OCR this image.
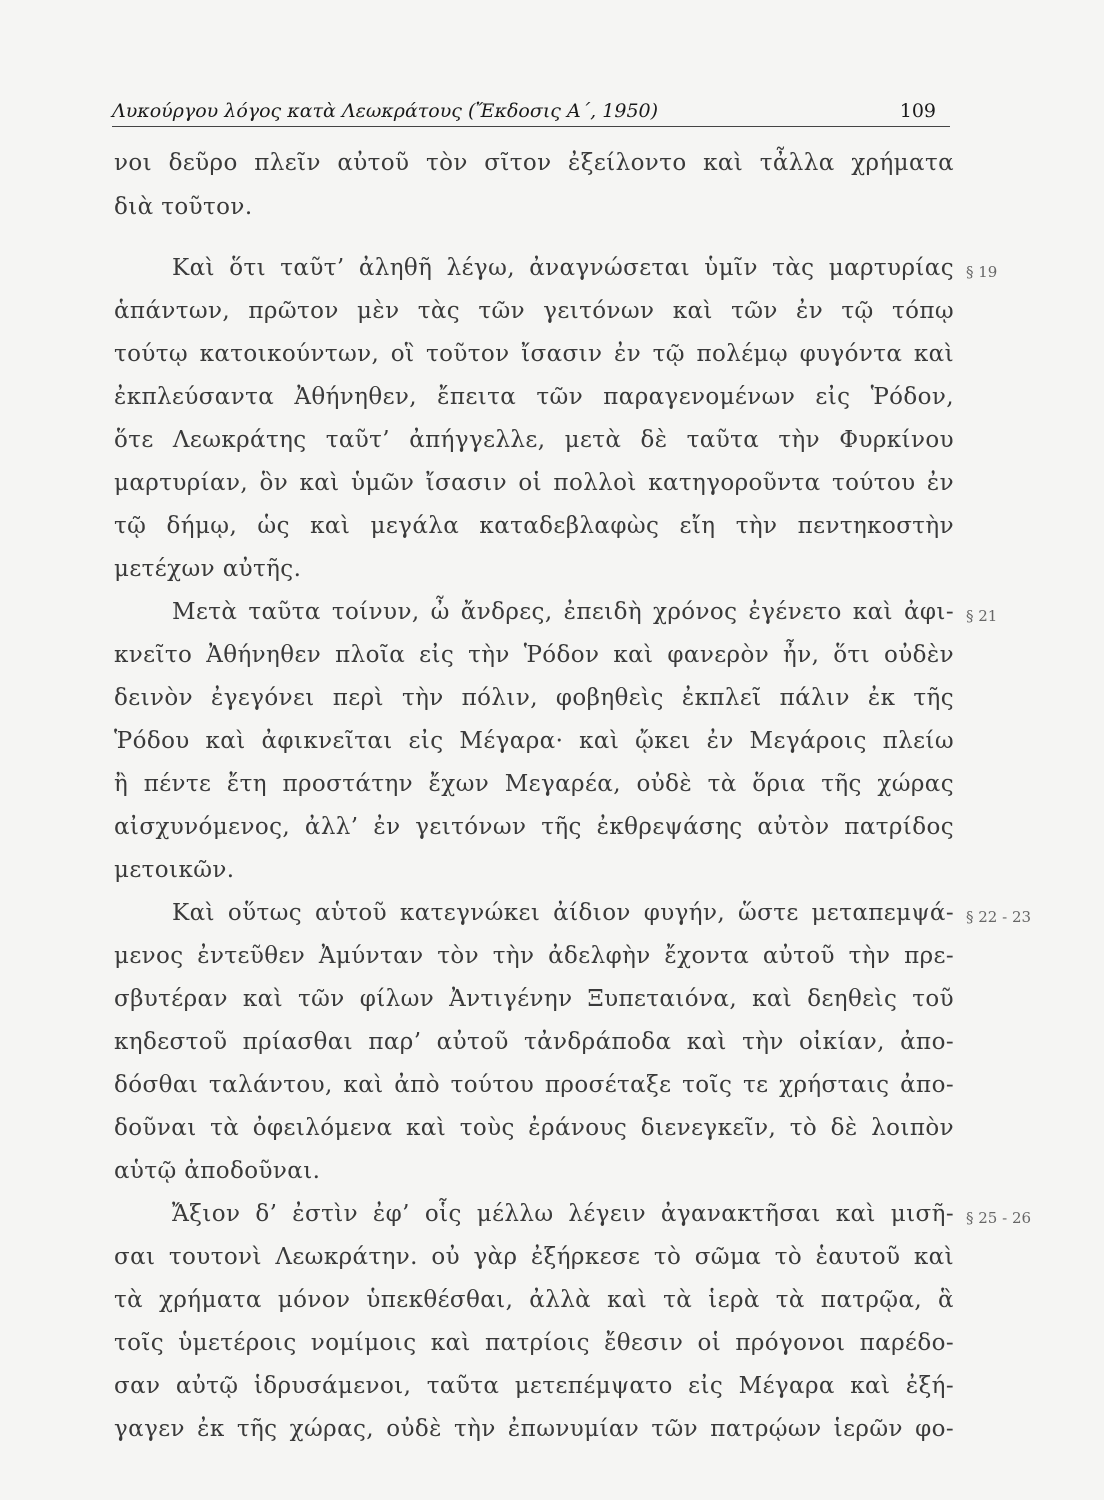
Λυκούργου λόγος κατὰ Λεωκράτους (Ἔκδοσις Α΄, 1950)	109
νοι δεῦρο πλεῖν αὐτοῦ τὸν σῖτον ἐξείλοντο καὶ τἆλλα χρήματα
διὰ τοῦτον.
Καὶ ὅτι ταῦτ’ ἀληθῆ λέγω, ἀναγνώσεται ὑμῖν τὰς μαρτυρίας
ἁπάντων, πρῶτον μὲν τὰς τῶν γειτόνων καὶ τῶν ἐν τῷ τόπῳ
τούτῳ κατοικούντων, οἳ τοῦτον ἴσασιν ἐν τῷ πολέμῳ φυγόντα καὶ
ἐκπλεύσαντα Ἀθήνηθεν, ἔπειτα τῶν παραγενομένων εἰς Ῥόδον,
ὅτε Λεωκράτης ταῦτ’ ἀπήγγελλε, μετὰ δὲ ταῦτα τὴν Φυρκίνου
μαρτυρίαν, ὃν καὶ ὑμῶν ἴσασιν οἱ πολλοὶ κατηγοροῦντα τούτου ἐν
τῷ δήμῳ, ὡς καὶ μεγάλα καταδεβλαφὼς εἴη τὴν πεντηκοστὴν
μετέχων αὐτῆς.
Μετὰ ταῦτα τοίνυν, ὦ ἄνδρες, ἐπειδὴ χρόνος ἐγένετο καὶ ἀφι-
κνεῖτο Ἀθήνηθεν πλοῖα εἰς τὴν Ῥόδον καὶ φανερὸν ἦν, ὅτι οὐδὲν
δεινὸν ἐγεγόνει περὶ τὴν πόλιν, φοβηθεὶς ἐκπλεῖ πάλιν ἐκ τῆς
Ῥόδου καὶ ἀφικνεῖται εἰς Μέγαρα· καὶ ᾤκει ἐν Μεγάροις πλείω
ἢ πέντε ἔτη προστάτην ἔχων Μεγαρέα, οὐδὲ τὰ ὅρια τῆς χώρας
αἰσχυνόμενος, ἀλλ’ ἐν γειτόνων τῆς ἐκθρεψάσης αὐτὸν πατρίδος
μετοικῶν.
Καὶ οὕτως αὑτοῦ κατεγνώκει ἀίδιον φυγήν, ὥστε μεταπεμψά-
μενος ἐντεῦθεν Ἀμύνταν τὸν τὴν ἀδελφὴν ἔχοντα αὐτοῦ τὴν πρε-
σβυτέραν καὶ τῶν φίλων Ἀντιγένην Ξυπεταιόνα, καὶ δεηθεὶς τοῦ
κηδεστοῦ πρίασθαι παρ’ αὐτοῦ τἀνδράποδα καὶ τὴν οἰκίαν, ἀπο-
δόσθαι ταλάντου, καὶ ἀπὸ τούτου προσέταξε τοῖς τε χρήσταις ἀπο-
δοῦναι τὰ ὀφειλόμενα καὶ τοὺς ἐράνους διενεγκεῖν, τὸ δὲ λοιπὸν
αὑτῷ ἀποδοῦναι.
Ἄξιον δ’ ἐστὶν ἐφ’ οἷς μέλλω λέγειν ἀγανακτῆσαι καὶ μισῆ-
σαι τουτονὶ Λεωκράτην. οὐ γὰρ ἐξήρκεσε τὸ σῶμα τὸ ἑαυτοῦ καὶ
τὰ χρήματα μόνον ὑπεκθέσθαι, ἀλλὰ καὶ τὰ ἱερὰ τὰ πατρῷα, ἃ
τοῖς ὑμετέροις νομίμοις καὶ πατρίοις ἔθεσιν οἱ πρόγονοι παρέδο-
σαν αὐτῷ ἱδρυσάμενοι, ταῦτα μετεπέμψατο εἰς Μέγαρα καὶ ἐξή-
γαγεν ἐκ τῆς χώρας, οὐδὲ τὴν ἐπωνυμίαν τῶν πατρῴων ἱερῶν φο-
§ 19
§ 21
§ 22 - 23
§ 25 - 26
